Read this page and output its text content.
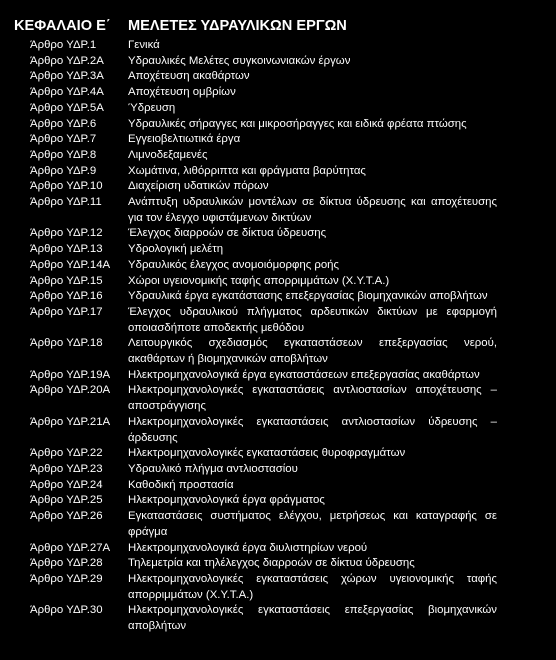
ΚΕΦΑΛΑΙΟ Ε΄ ΜΕΛΕΤΕΣ ΥΔΡΑΥΛΙΚΩΝ ΕΡΓΩΝ
Άρθρο ΥΔΡ.1	Γενικά
Άρθρο ΥΔΡ.2Α Υδραυλικές Μελέτες συγκοινωνιακών έργων
Άρθρο ΥΔΡ.3Α Αποχέτευση ακαθάρτων
Άρθρο ΥΔΡ.4Α Αποχέτευση ομβρίων
Άρθρο ΥΔΡ.5Α Ύδρευση
Άρθρο ΥΔΡ.6	Υδραυλικές σήραγγες και μικροσήραγγες και ειδικά φρέατα πτώσης
Άρθρο ΥΔΡ.7	Εγγειοβελτιωτικά έργα
Άρθρο ΥΔΡ.8	Λιμνοδεξαμενές
Άρθρο ΥΔΡ.9	Χωμάτινα, λιθόρριπτα και φράγματα βαρύτητας
Άρθρο ΥΔΡ.10 Διαχείριση υδατικών πόρων
Άρθρο ΥΔΡ.11 Ανάπτυξη υδραυλικών μοντέλων σε δίκτυα ύδρευσης και αποχέτευσης για τον έλεγχο υφιστάμενων δικτύων
Άρθρο ΥΔΡ.12 Έλεγχος διαρροών σε δίκτυα ύδρευσης
Άρθρο ΥΔΡ.13 Υδρολογική μελέτη
Άρθρο ΥΔΡ.14Α Υδραυλικός έλεγχος ανομοιόμορφης ροής
Άρθρο ΥΔΡ.15 Χώροι υγειονομικής ταφής απορριμμάτων (Χ.Υ.Τ.Α.)
Άρθρο ΥΔΡ.16 Υδραυλικά έργα εγκατάστασης επεξεργασίας βιομηχανικών αποβλήτων
Άρθρο ΥΔΡ.17 Έλεγχος υδραυλικού πλήγματος αρδευτικών δικτύων με εφαρμογή οποιασδήποτε αποδεκτής μεθόδου
Άρθρο ΥΔΡ.18 Λειτουργικός σχεδιασμός εγκαταστάσεων επεξεργασίας νερού, ακαθάρτων ή βιομηχανικών αποβλήτων
Άρθρο ΥΔΡ.19Α Ηλεκτρομηχανολογικά έργα εγκαταστάσεων επεξεργασίας ακαθάρτων
Άρθρο ΥΔΡ.20Α Ηλεκτρομηχανολογικές εγκαταστάσεις αντλιοστασίων αποχέτευσης – αποστράγγισης
Άρθρο ΥΔΡ.21Α Ηλεκτρομηχανολογικές εγκαταστάσεις αντλιοστασίων ύδρευσης – άρδευσης
Άρθρο ΥΔΡ.22 Ηλεκτρομηχανολογικές εγκαταστάσεις θυροφραγμάτων
Άρθρο ΥΔΡ.23 Υδραυλικό πλήγμα αντλιοστασίου
Άρθρο ΥΔΡ.24 Καθοδική προστασία
Άρθρο ΥΔΡ.25 Ηλεκτρομηχανολογικά έργα φράγματος
Άρθρο ΥΔΡ.26 Εγκαταστάσεις συστήματος ελέγχου, μετρήσεως και καταγραφής σε φράγμα
Άρθρο ΥΔΡ.27Α Ηλεκτρομηχανολογικά έργα διυλιστηρίων νερού
Άρθρο ΥΔΡ.28 Τηλεμετρία και τηλέλεγχος διαρροών σε δίκτυα ύδρευσης
Άρθρο ΥΔΡ.29 Ηλεκτρομηχανολογικές εγκαταστάσεις χώρων υγειονομικής ταφής απορριμμάτων (Χ.Υ.Τ.Α.)
Άρθρο ΥΔΡ.30 Ηλεκτρομηχανολογικές εγκαταστάσεις επεξεργασίας βιομηχανικών αποβλήτων
